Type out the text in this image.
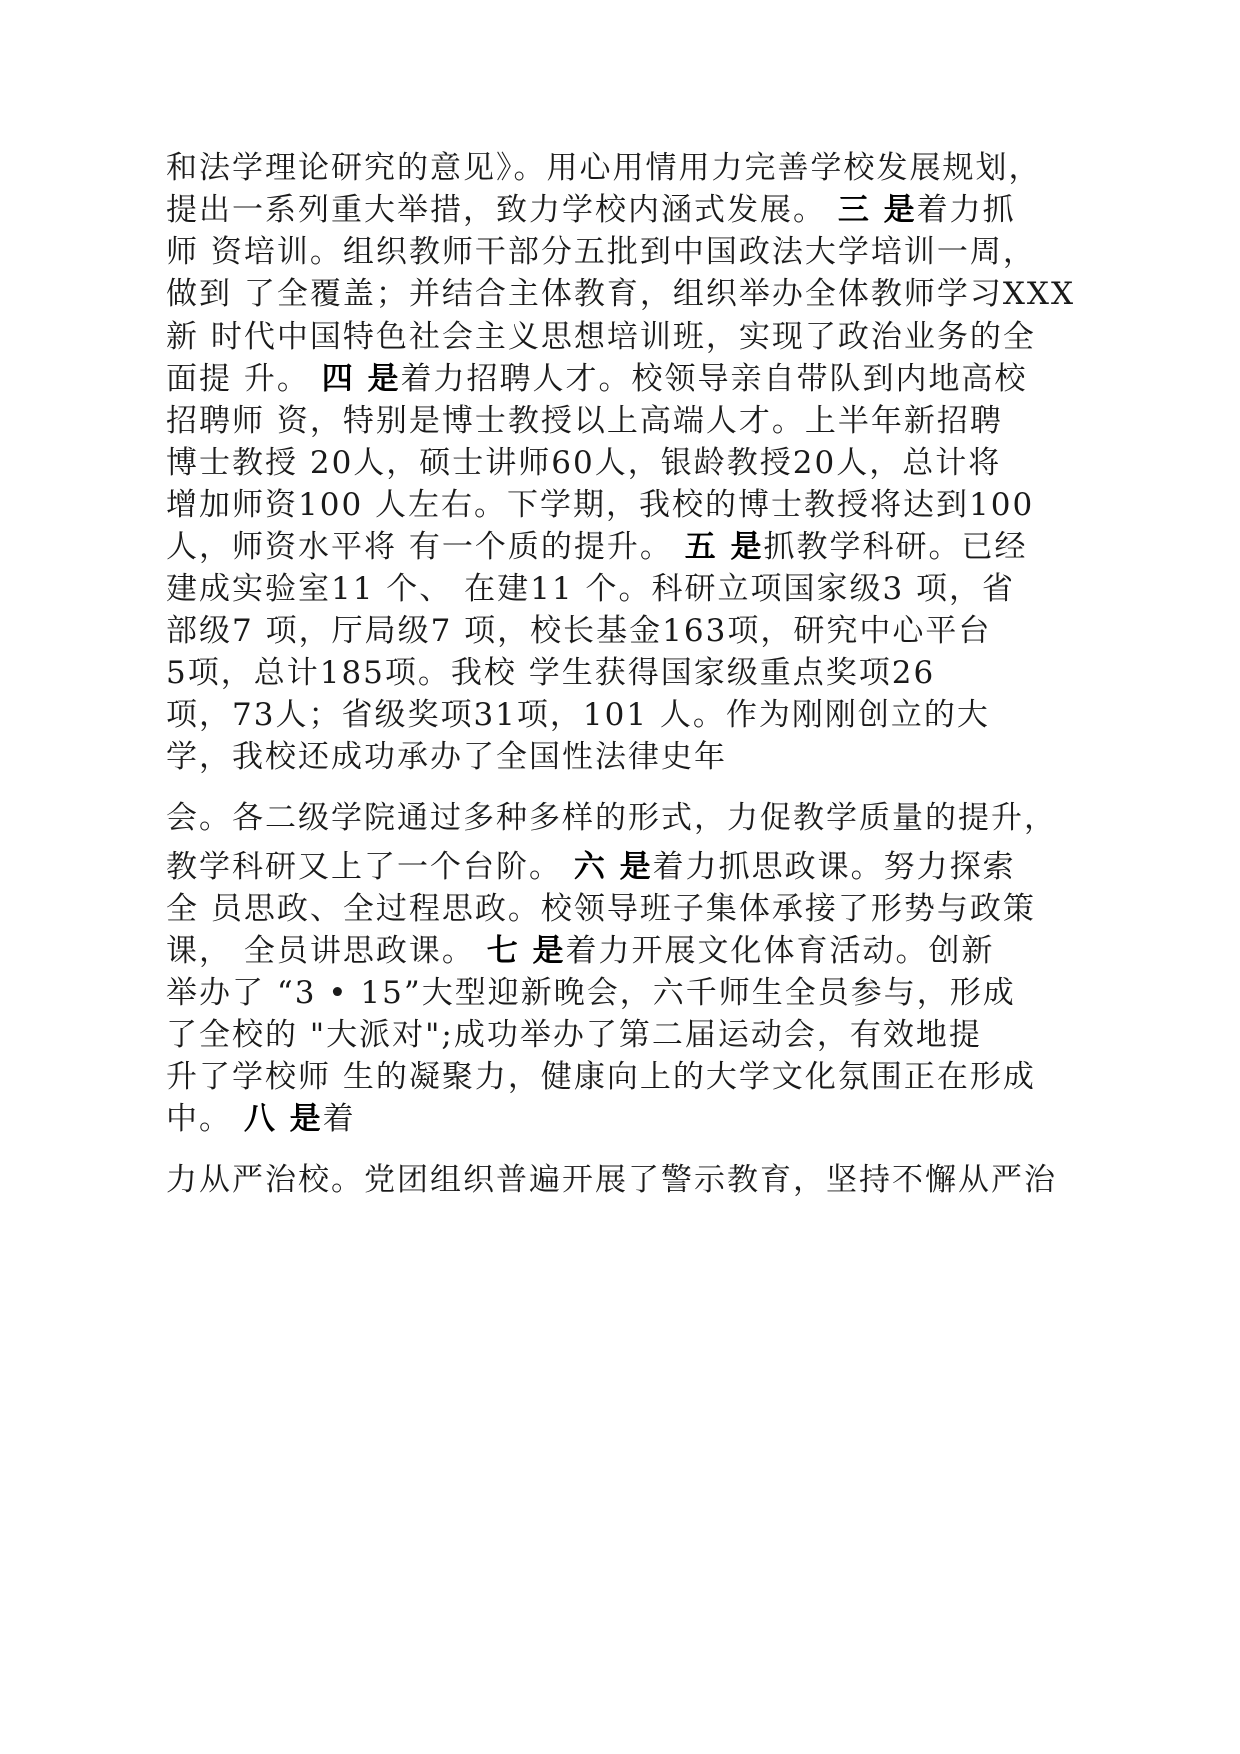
和法学理论研究的意见》。用心用情用力完善学校发展规划，
提出一系列重大举措，致力学校内涵式发展。 三 是着力抓
师 资培训。组织教师干部分五批到中国政法大学培训一周，
做到 了全覆盖；并结合主体教育，组织举办全体教师学习XXX
新 时代中国特色社会主义思想培训班，实现了政治业务的全
面提 升。 四 是着力招聘人才。校领导亲自带队到内地高校
招聘师 资，特别是博士教授以上高端人才。上半年新招聘
博士教授 20人，硕士讲师60人，银龄教授20人，总计将
增加师资100 人左右。下学期，我校的博士教授将达到100
人，师资水平将 有一个质的提升。 五 是抓教学科研。已经
建成实验室11 个、 在建11 个。科研立项国家级3 项，省
部级7 项，厅局级7 项，校长基金163项，研究中心平台
5项，总计185项。我校 学生获得国家级重点奖项26
项，73人；省级奖项31项，101 人。作为刚刚创立的大
学，我校还成功承办了全国性法律史年
会。各二级学院通过多种多样的形式，力促教学质量的提升，
教学科研又上了一个台阶。 六 是着力抓思政课。努力探索
全 员思政、全过程思政。校领导班子集体承接了形势与政策
课， 全员讲思政课。 七 是着力开展文化体育活动。创新
举办了 “3 • 15”大型迎新晚会，六千师生全员参与，形成
了全校的 "大派对";成功举办了第二届运动会，有效地提
升了学校师 生的凝聚力，健康向上的大学文化氛围正在形成
中。 八 是着
力从严治校。党团组织普遍开展了警示教育，坚持不懈从严治
